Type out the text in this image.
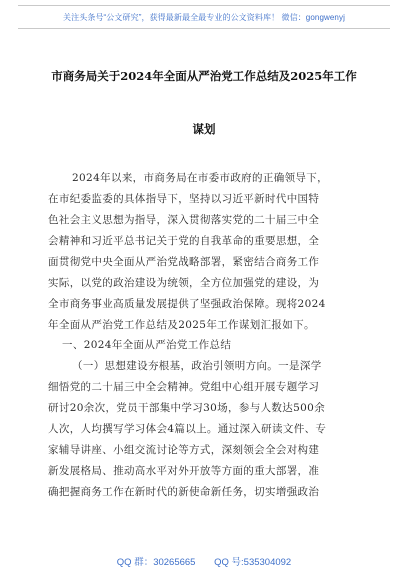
关注头条号“公文研究”，获得最新最全最专业的公文资料库！ 微信：gongwenyj
市商务局关于2024年全面从严治党工作总结及2025年工作
谋划
2024年以来，市商务局在市委市政府的正确领导下，
在市纪委监委的具体指导下，坚持以习近平新时代中国特
色社会主义思想为指导，深入贯彻落实党的二十届三中全
会精神和习近平总书记关于党的自我革命的重要思想，全
面贯彻党中央全面从严治党战略部署，紧密结合商务工作
实际，以党的政治建设为统领，全方位加强党的建设，为
全市商务事业高质量发展提供了坚强政治保障。现将2024
年全面从严治党工作总结及2025年工作谋划汇报如下。
一、2024年全面从严治党工作总结
（一）思想建设夯根基，政治引领明方向。一是深学
细悟党的二十届三中全会精神。党组中心组开展专题学习
研讨20余次，党员干部集中学习30场，参与人数达500余
人次，人均撰写学习体会4篇以上。通过深入研读文件、专
家辅导讲座、小组交流讨论等方式，深刻领会全会对构建
新发展格局、推动高水平对外开放等方面的重大部署，准
确把握商务工作在新时代的新使命新任务，切实增强政治
QQ 群：30265665 QQ 号:535304092
